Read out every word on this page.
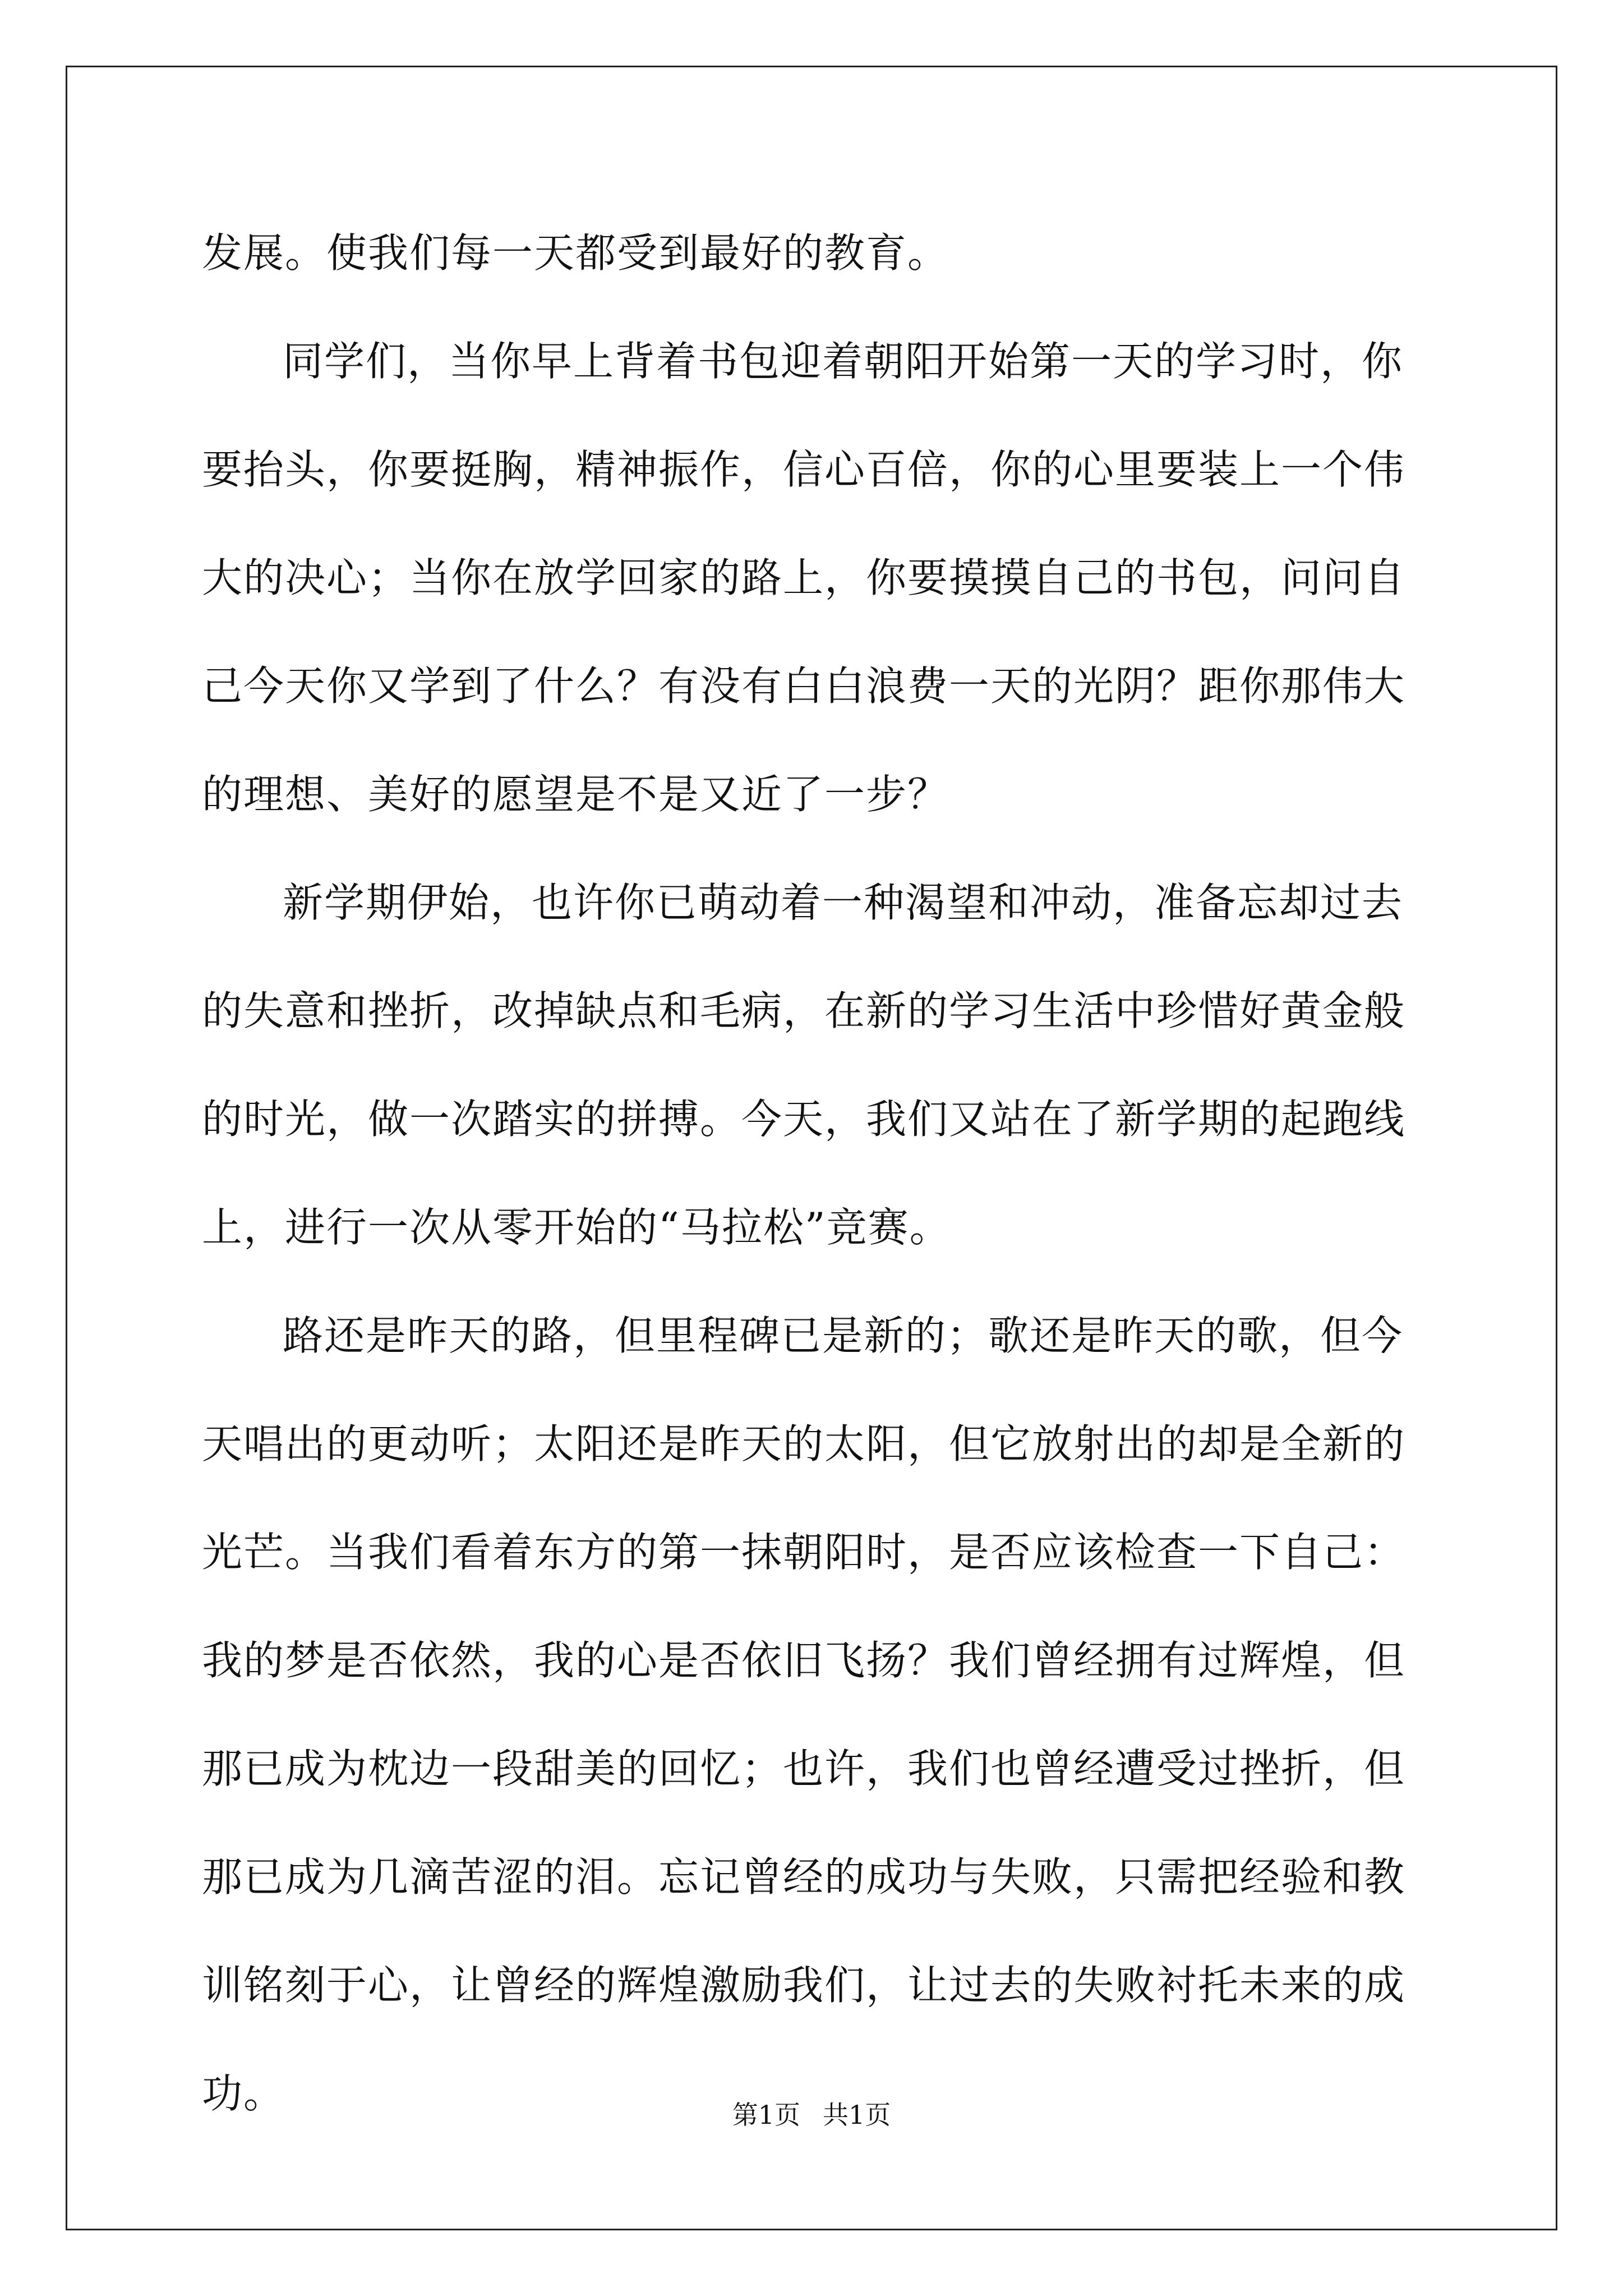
发展。使我们每一天都受到最好的教育。

同学们，当你早上背着书包迎着朝阳开始第一天的学习时，你要抬头，你要挺胸，精神振作，信心百倍，你的心里要装上一个伟大的决心；当你在放学回家的路上，你要摸摸自己的书包，问问自己今天你又学到了什么？有没有白白浪费一天的光阴？距你那伟大的理想、美好的愿望是不是又近了一步？

新学期伊始，也许你已萌动着一种渴望和冲动，准备忘却过去的失意和挫折，改掉缺点和毛病，在新的学习生活中珍惜好黄金般的时光，做一次踏实的拼搏。今天，我们又站在了新学期的起跑线上，进行一次从零开始的“马拉松”竞赛。

路还是昨天的路，但里程碑已是新的；歌还是昨天的歌，但今天唱出的更动听；太阳还是昨天的太阳，但它放射出的却是全新的光芒。当我们看着东方的第一抹朝阳时，是否应该检查一下自己：我的梦是否依然，我的心是否依旧飞扬？我们曾经拥有过辉煌，但那已成为枕边一段甜美的回忆；也许，我们也曾经遭受过挫折，但那已成为几滴苦涩的泪。忘记曾经的成功与失败，只需把经验和教训铭刻于心，让曾经的辉煌激励我们，让过去的失败衬托未来的成功。	第1页 共1页
